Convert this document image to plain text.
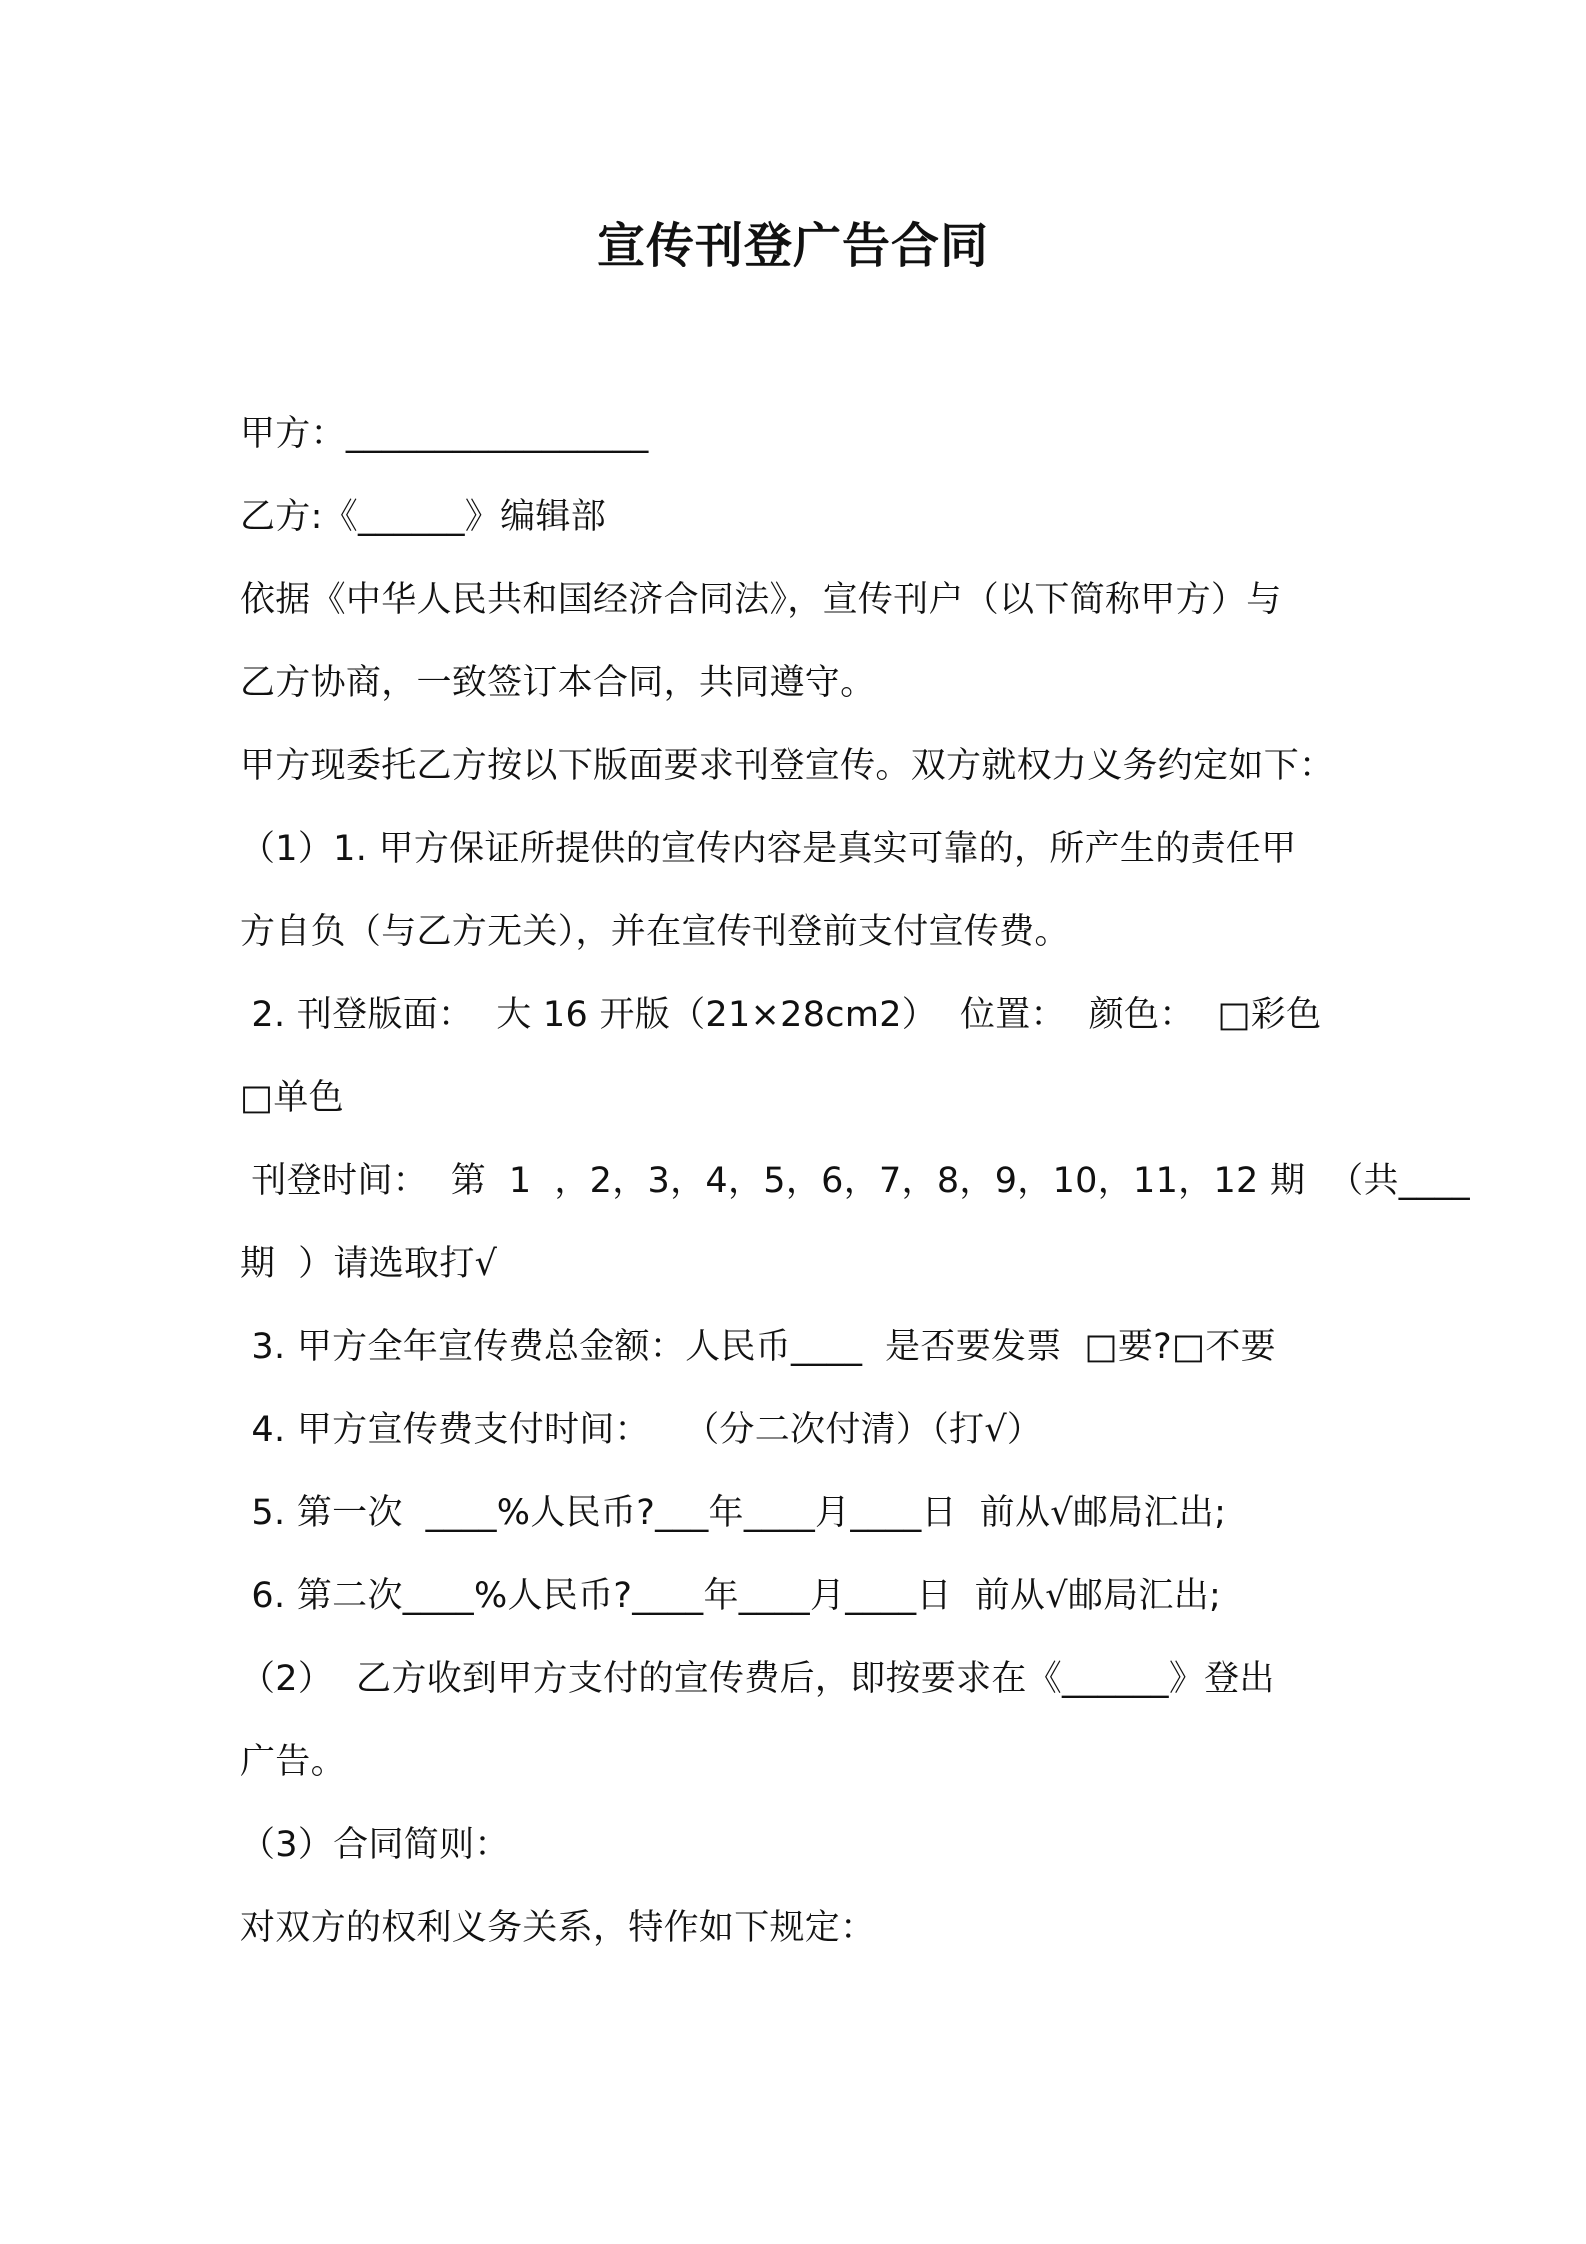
宣传刊登广告合同
甲方：_________________
乙方:《______》编辑部
依据《中华人民共和国经济合同法》，宣传刊户（以下简称甲方）与
乙方协商，一致签订本合同，共同遵守。
甲方现委托乙方按以下版面要求刊登宣传。双方就权力义务约定如下：
（1）1. 甲方保证所提供的宣传内容是真实可靠的，所产生的责任甲
方自负（与乙方无关），并在宣传刊登前支付宣传费。
2. 刊登版面：  大 16 开版（21×28cm2）  位置：  颜色：  □彩色
□单色
刊登时间：  第  1  ，2，3，4，5，6，7，8，9，10，11，12 期  （共____
期  ）请选取打√
3. 甲方全年宣传费总金额：人民币____  是否要发票  □要?□不要
4. 甲方宣传费支付时间：   （分二次付清）（打√）
5. 第一次  ____%人民币?___年____月____日  前从√邮局汇出;
6. 第二次____%人民币?____年____月____日  前从√邮局汇出;
（2）  乙方收到甲方支付的宣传费后，即按要求在《______》登出
广告。
（3）合同简则：
对双方的权利义务关系，特作如下规定：
